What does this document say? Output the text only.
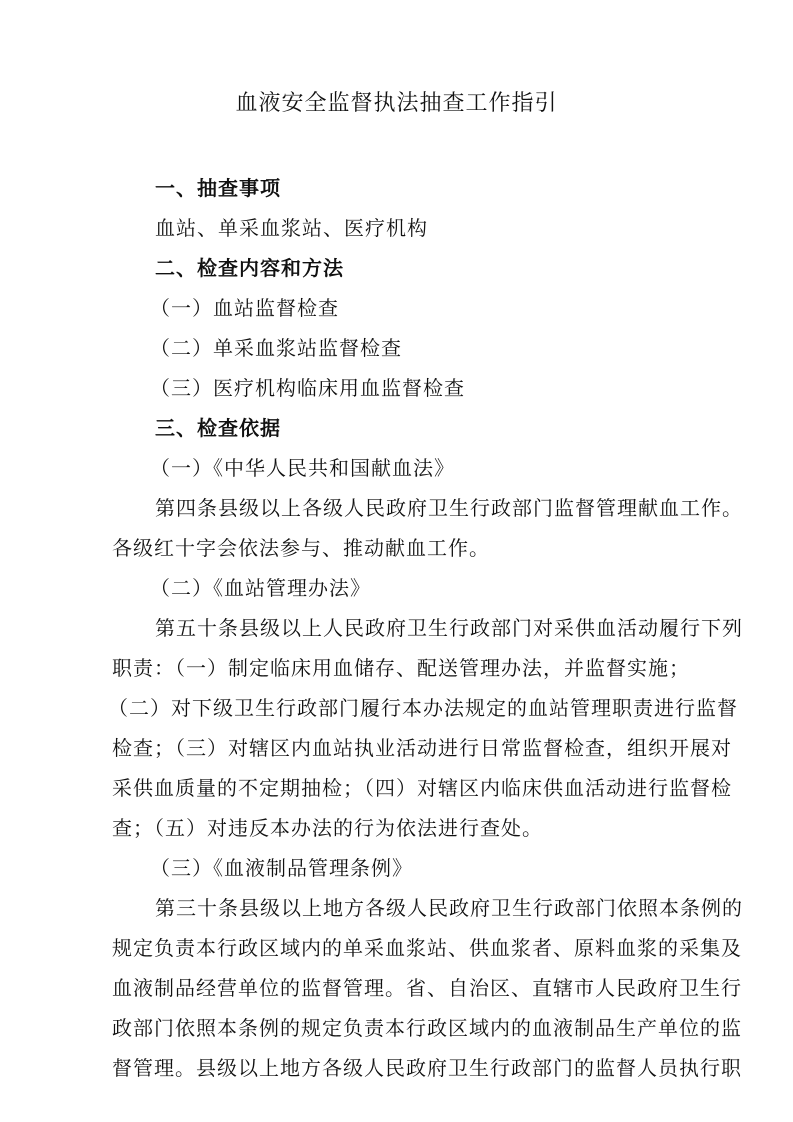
血液安全监督执法抽查工作指引
一、抽查事项
血站、单采血浆站、医疗机构
二、检查内容和方法
（一）血站监督检查
（二）单采血浆站监督检查
（三）医疗机构临床用血监督检查
三、检查依据
（一）《中华人民共和国献血法》
第四条县级以上各级人民政府卫生行政部门监督管理献血工作。
各级红十字会依法参与、推动献血工作。
（二）《血站管理办法》
第五十条县级以上人民政府卫生行政部门对采供血活动履行下列
职责：（一）制定临床用血储存、配送管理办法，并监督实施；
（二）对下级卫生行政部门履行本办法规定的血站管理职责进行监督
检查；（三）对辖区内血站执业活动进行日常监督检查，组织开展对
采供血质量的不定期抽检；（四）对辖区内临床供血活动进行监督检
查；（五）对违反本办法的行为依法进行查处。
（三）《血液制品管理条例》
第三十条县级以上地方各级人民政府卫生行政部门依照本条例的
规定负责本行政区域内的单采血浆站、供血浆者、原料血浆的采集及
血液制品经营单位的监督管理。省、自治区、直辖市人民政府卫生行
政部门依照本条例的规定负责本行政区域内的血液制品生产单位的监
督管理。县级以上地方各级人民政府卫生行政部门的监督人员执行职
